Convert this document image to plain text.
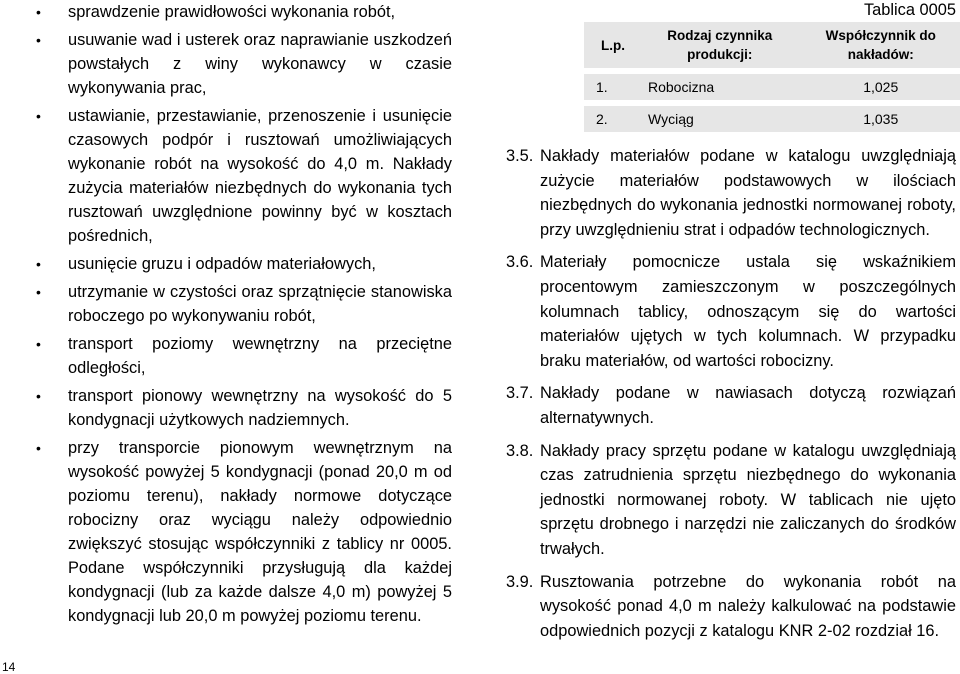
• sprawdzenie prawidłowości wykonania robót,
• usuwanie wad i usterek oraz naprawianie uszkodzeń powstałych z winy wykonawcy w czasie wykonywania prac,
• ustawianie, przestawianie, przenoszenie i usunięcie czasowych podpór i rusztowań umożliwiających wykonanie robót na wysokość do 4,0 m. Nakłady zużycia materiałów niezbędnych do wykonania tych rusztowań uwzględnione powinny być w kosztach pośrednich,
• usunięcie gruzu i odpadów materiałowych,
• utrzymanie w czystości oraz sprzątnięcie stanowiska roboczego po wykonywaniu robót,
• transport poziomy wewnętrzny na przeciętne odległości,
• transport pionowy wewnętrzny na wysokość do 5 kondygnacji użytkowych nadziemnych.
• przy transporcie pionowym wewnętrznym na wysokość powyżej 5 kondygnacji (ponad 20,0 m od poziomu terenu), nakłady normowe dotyczące robocizny oraz wyciągu należy odpowiednio zwiększyć stosując współczynniki z tablicy nr 0005. Podane współczynniki przysługują dla każdej kondygnacji (lub za każde dalsze 4,0 m) powyżej 5 kondygnacji lub 20,0 m powyżej poziomu terenu.
Tablica 0005
L.p.	Rodzaj czynnika produkcji:	Współczynnik do nakładów:
1.	Robocizna	1,025
2.	Wyciąg	1,035
3.5. Nakłady materiałów podane w katalogu uwzględniają zużycie materiałów podstawowych w ilościach niezbędnych do wykonania jednostki normowanej roboty, przy uwzględnieniu strat i odpadów technologicznych.
3.6. Materiały pomocnicze ustala się wskaźnikiem procentowym zamieszczonym w poszczególnych kolumnach tablicy, odnoszącym się do wartości materiałów ujętych w tych kolumnach. W przypadku braku materiałów, od wartości robocizny.
3.7. Nakłady podane w nawiasach dotyczą rozwiązań alternatywnych.
3.8. Nakłady pracy sprzętu podane w katalogu uwzględniają czas zatrudnienia sprzętu niezbędnego do wykonania jednostki normowanej roboty. W tablicach nie ujęto sprzętu drobnego i narzędzi nie zaliczanych do środków trwałych.
3.9. Rusztowania potrzebne do wykonania robót na wysokość ponad 4,0 m należy kalkulować na podstawie odpowiednich pozycji z katalogu KNR 2-02 rozdział 16.
14
